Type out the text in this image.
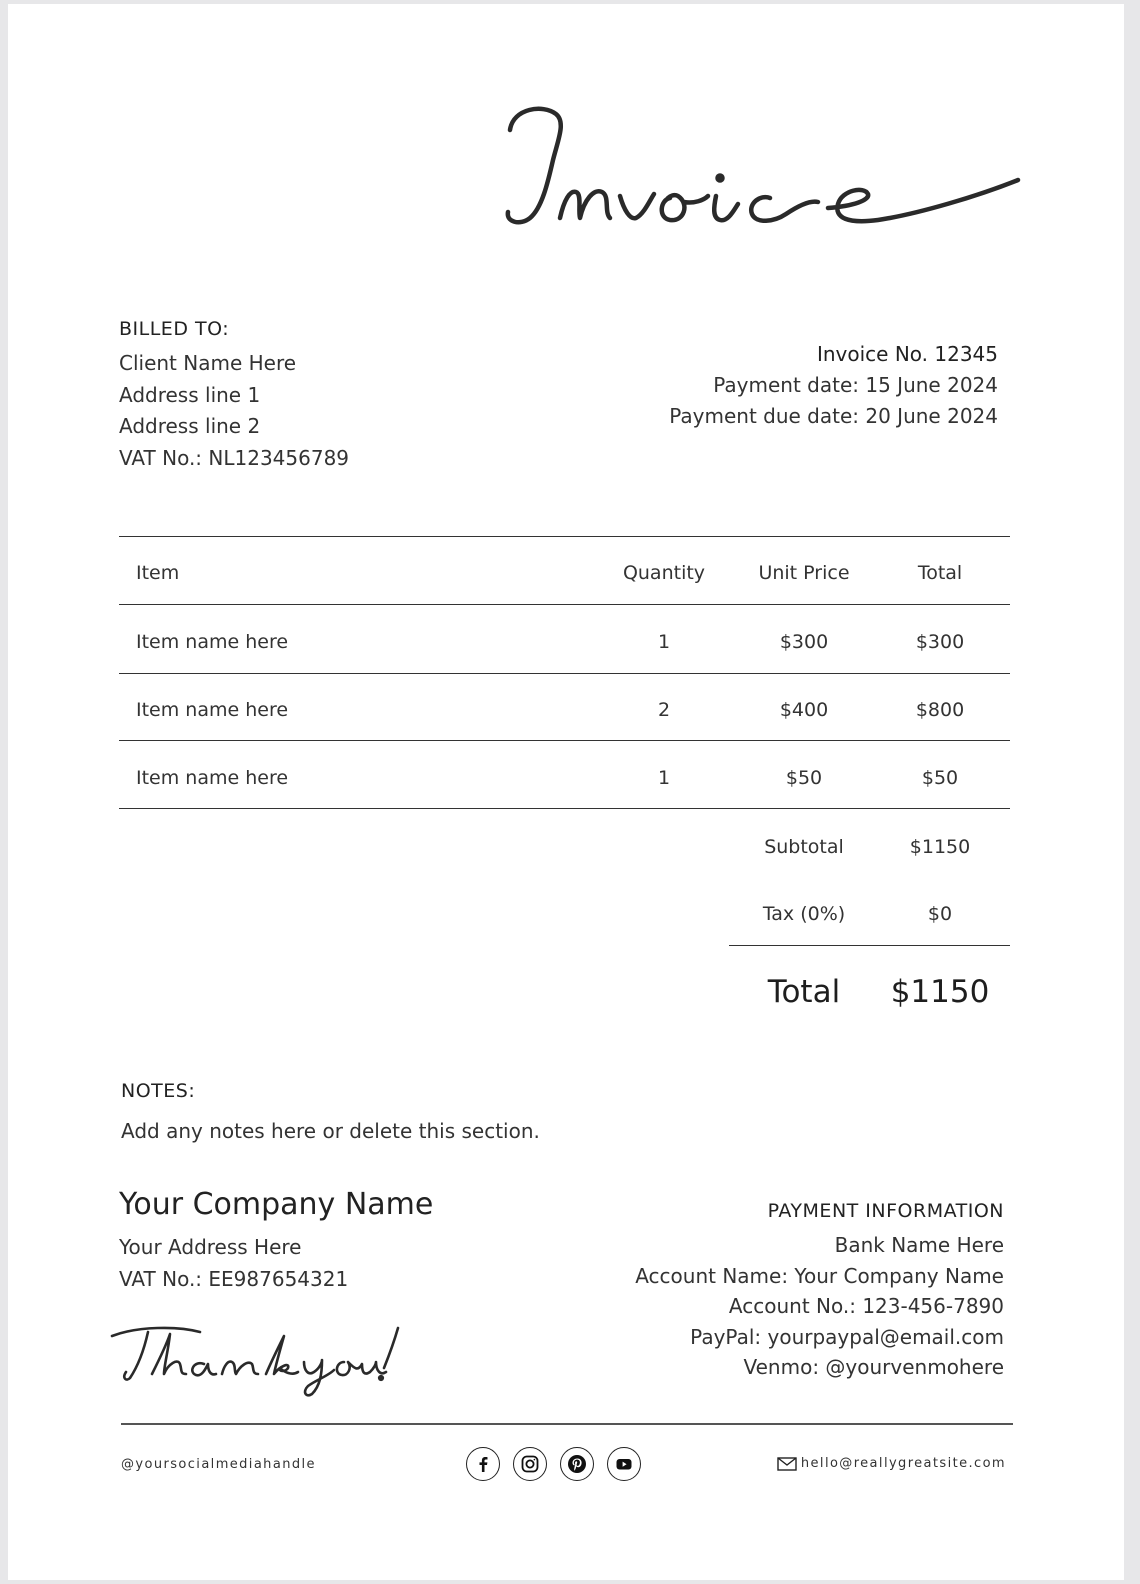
BILLED TO:
Client Name Here
Address line 1
Address line 2
VAT No.: NL123456789
Invoice No. 12345
Payment date: 15 June 2024
Payment due date: 20 June 2024
Item	Quantity	Unit Price	Total
Item name here	1	$300	$300
Item name here	2	$400	$800
Item name here	1	$50	$50
Subtotal	$1150
Tax (0%)	$0
Total	$1150
NOTES:
Add any notes here or delete this section.
Your Company Name
Your Address Here
VAT No.: EE987654321
PAYMENT INFORMATION
Bank Name Here
Account Name: Your Company Name
Account No.: 123-456-7890
PayPal: yourpaypal@email.com
Venmo: @yourvenmohere
@yoursocialmediahandle

	hello@reallygreatsite.com
